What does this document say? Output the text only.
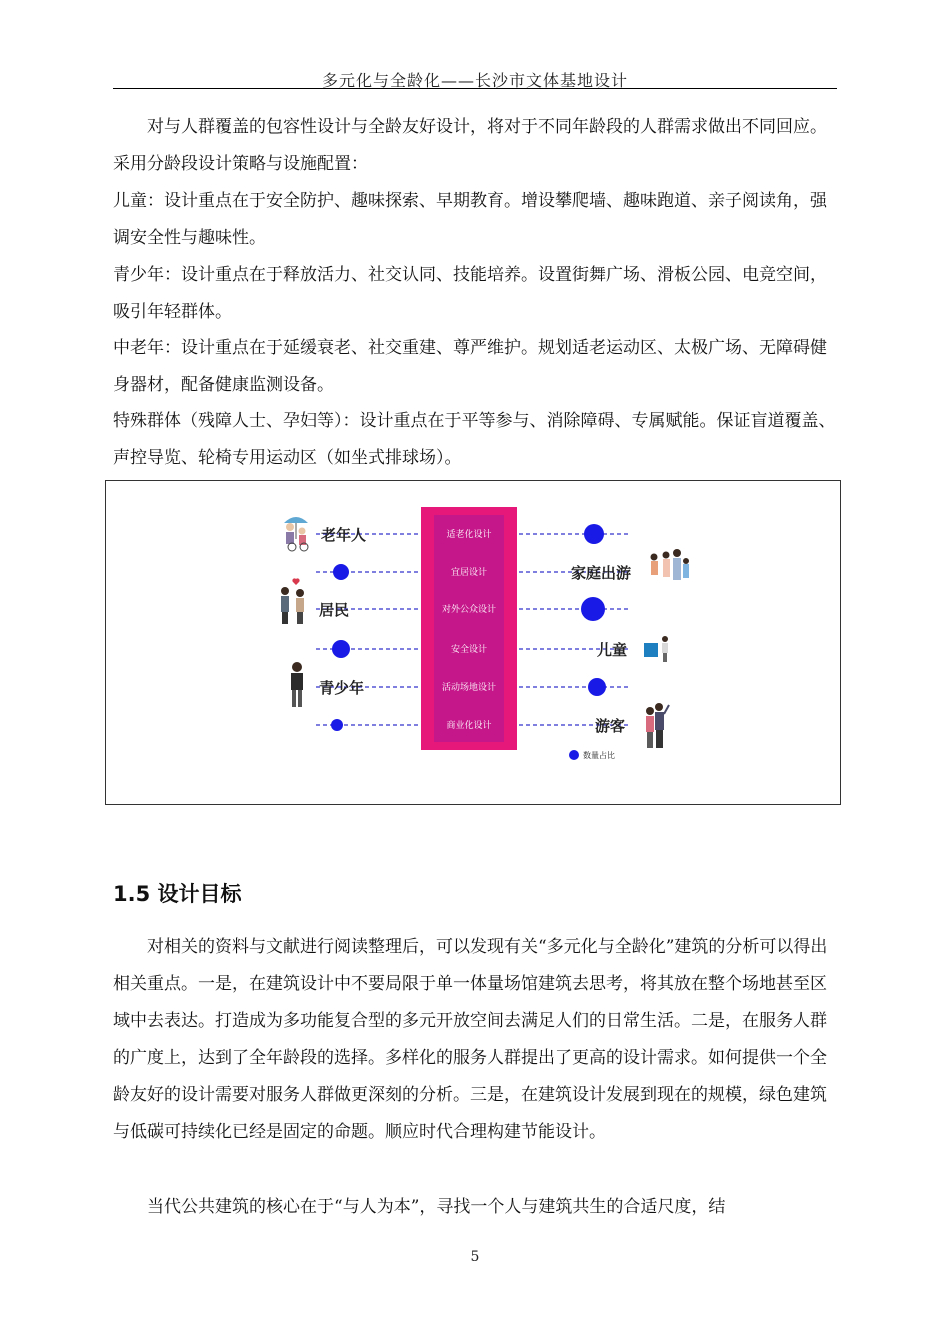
多元化与全龄化——长沙市文体基地设计

对与人群覆盖的包容性设计与全龄友好设计，将对于不同年龄段的人群需求做出不同回应。采用分龄段设计策略与设施配置：

儿童：设计重点在于安全防护、趣味探索、早期教育。增设攀爬墙、趣味跑道、亲子阅读角，强调安全性与趣味性。

青少年：设计重点在于释放活力、社交认同、技能培养。设置街舞广场、滑板公园、电竞空间，吸引年轻群体。

中老年：设计重点在于延缓衰老、社交重建、尊严维护。规划适老运动区、太极广场、无障碍健身器材，配备健康监测设备。

特殊群体（残障人士、孕妇等）：设计重点在于平等参与、消除障碍、专属赋能。保证盲道覆盖、声控导览、轮椅专用运动区（如坐式排球场）。

适老化设计
宜居设计
对外公众设计
安全设计
活动场地设计
商业化设计
老年人
居民
青少年
家庭出游
儿童
游客
数量占比
1.5 设计目标

对相关的资料与文献进行阅读整理后，可以发现有关“多元化与全龄化”建筑的分析可以得出相关重点。一是，在建筑设计中不要局限于单一体量场馆建筑去思考，将其放在整个场地甚至区域中去表达。打造成为多功能复合型的多元开放空间去满足人们的日常生活。二是，在服务人群的广度上，达到了全年龄段的选择。多样化的服务人群提出了更高的设计需求。如何提供一个全龄友好的设计需要对服务人群做更深刻的分析。三是，在建筑设计发展到现在的规模，绿色建筑与低碳可持续化已经是固定的命题。顺应时代合理构建节能设计。

当代公共建筑的核心在于“与人为本”，寻找一个人与建筑共生的合适尺度，结

5
